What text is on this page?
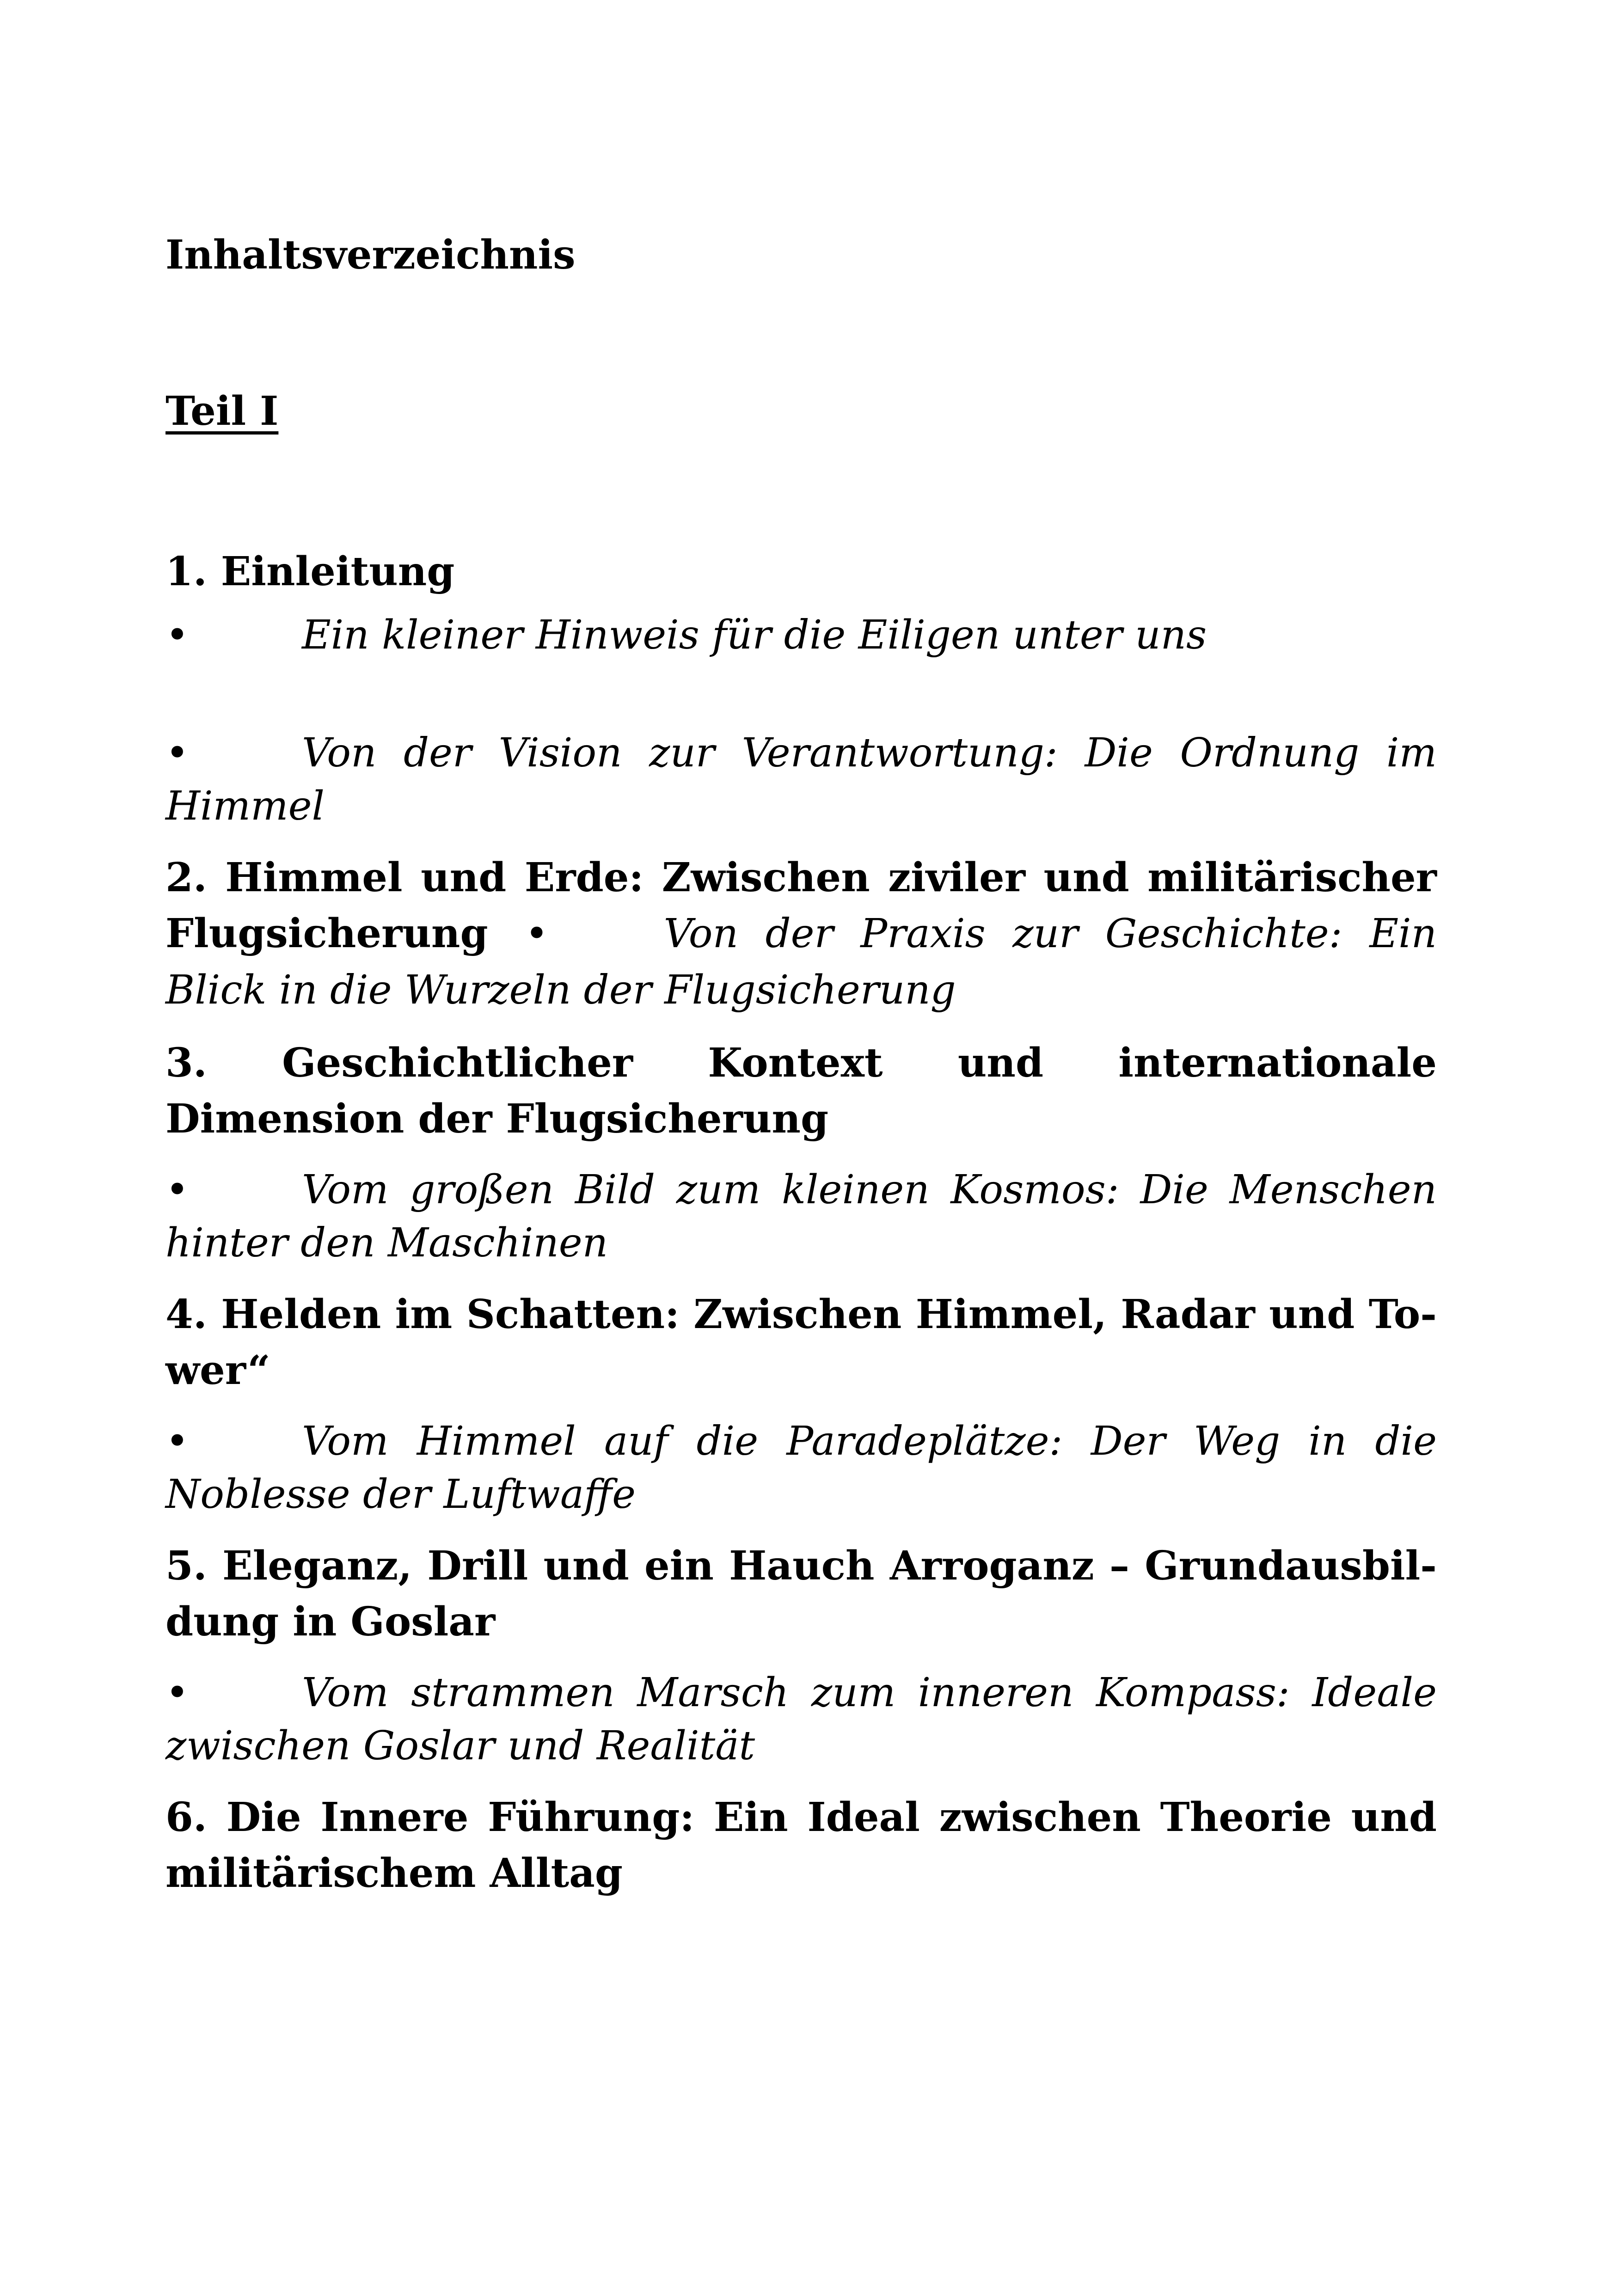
Inhaltsverzeichnis
Teil I

1. Einleitung

•	Ein kleiner Hinweis für die Eiligen unter uns

•	Von der Vision zur Verantwortung: Die Ordnung im Himmel

2. Himmel und Erde: Zwischen ziviler und militärischer Flugsicherung •	Von der Praxis zur Geschichte: Ein Blick in die Wurzeln der Flugsicherung

3. Geschichtlicher Kontext und internationale Dimension der Flugsicherung

•	Vom großen Bild zum kleinen Kosmos: Die Menschen hinter den Maschinen

4. Helden im Schatten: Zwischen Himmel, Radar und Tower“

•	Vom Himmel auf die Paradeplätze: Der Weg in die Noblesse der Luftwaffe

5. Eleganz, Drill und ein Hauch Arroganz – Grundausbildung in Goslar

•	Vom strammen Marsch zum inneren Kompass: Ideale zwischen Goslar und Realität

6. Die Innere Führung: Ein Ideal zwischen Theorie und militärischem Alltag
